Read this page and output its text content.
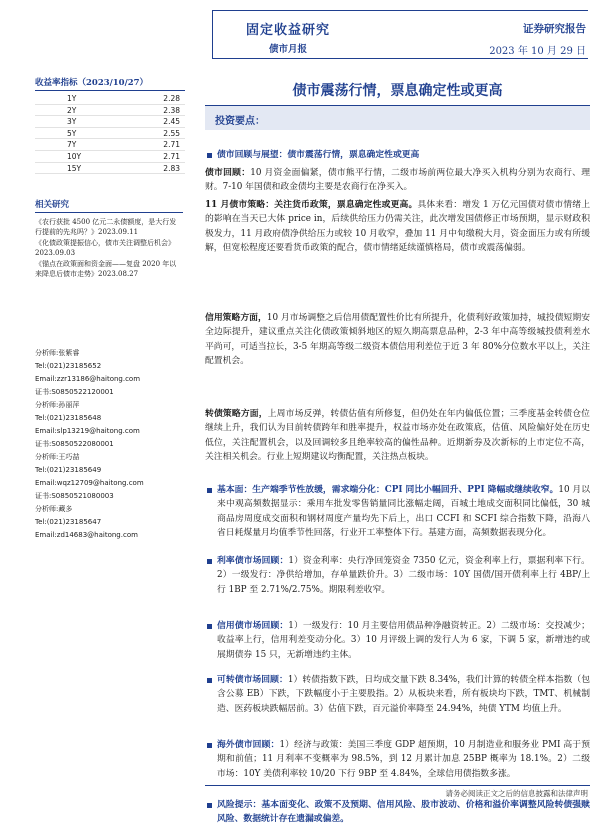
固定收益研究
债市月报
证券研究报告
2023 年 10 月 29 日
收益率指标（2023/10/27）
1Y	2.28
2Y	2.38
3Y	2.45
5Y	2.55
7Y	2.71
10Y	2.71
15Y	2.83
相关研究
《农行获批 4500 亿元二永债额度，是大行发行提前的先兆吗？》2023.09.11
《化债政策提振信心，债市关注调整后机会》2023.09.03
《锚点在政策面和资金面——复盘 2020 年以来降息后债市走势》2023.08.27
分析师:张紫睿
Tel:(021)23185652
Email:zzr13186@haitong.com
证书:S0850522120001
分析师:孙丽萍
Tel:(021)23185648
Email:slp13219@haitong.com
证书:S0850522080001
分析师:王巧喆
Tel:(021)23185649
Email:wqz12709@haitong.com
证书:S0850521080003
分析师:藏多
Tel:(021)23185647
Email:zd14683@haitong.com
债市震荡行情，票息确定性或更高
投资要点：
债市回顾与展望：债市震荡行情，票息确定性或更高
债市回顾：10 月资金面偏紧，债市熊平行情，二级市场前两位最大净买入机构分别为农商行、理财。7-10 年国债和政金债均主要是农商行在净买入。
11 月债市策略：关注货币政策，票息确定性或更高。具体来看：增发 1 万亿元国债对债市情绪上的影响在当天已大体 price in，后续供给压力仍需关注，此次增发国债修正市场预期，显示财政积极发力，11 月政府债净供给压力或较 10 月收窄，叠加 11 月中旬缴税大月，资金面压力或有所缓解，但宽松程度还要看货币政策的配合，债市情绪延续谨慎格局，债市或震荡偏弱。
信用策略方面，10 月市场调整之后信用债配置性价比有所提升，化债利好政策加持，城投债短期安全边际提升，建议重点关注化债政策倾斜地区的短久期高票息品种，2-3 年中高等级城投债利差水平尚可，可适当拉长，3-5 年期高等级二级资本债信用利差位于近 3 年 80%分位数水平以上，关注配置机会。
转债策略方面，上周市场反弹，转债估值有所修复，但仍处在年内偏低位置；三季度基金转债仓位继续上升，我们认为目前转债跨年和胜率提升，权益市场亦处在政策底，估值、风险偏好处在历史低位，关注配置机会，以及回调较多且绝率较高的偏性品种。近期新券及次新标的上市定位不高，关注相关机会。行业上短期建议均衡配置，关注热点板块。
基本面：生产端季节性放缓，需求端分化：CPI 同比小幅回升、PPI 降幅或继续收窄。10 月以来中观高频数据显示：乘用车批发零售销量同比涨幅走阔，百城土地成交面积同比偏低，30 城商品房周度成交面积和钢材周度产量均先下后上，出口 CCFI 和 SCFI 综合指数下降，沿海八省日耗煤量月均值季节性回落，行业开工率整体下行。基建方面，高频数据表现分化。
利率债市场回顾：1）资金利率：央行净回笼资金 7350 亿元，资金利率上行，票据利率下行。2）一级发行：净供给增加，存单量跌价升。3）二级市场：10Y 国债/国开债利率上行 4BP/上行 1BP 至 2.71%/2.75%。期限利差收窄。
信用债市场回顾：1）一级发行：10 月主要信用债品种净融资转正。2）二级市场：交投减少；收益率上行，信用利差变动分化。3）10 月评级上调的发行人为 6 家，下调 5 家，新增违约或展期债券 15 只，无新增违约主体。
可转债市场回顾：1）转债指数下跌，日均成交量下跌 8.34%，我们计算的转债全样本指数（包含公募 EB）下跌，下跌幅度小于主要股指。2）从板块来看，所有板块均下跌，TMT、机械制造、医药板块跌幅居前。3）估值下跌，百元溢价率降至 24.94%，纯债 YTM 均值上升。
海外债市回顾：1）经济与政策：美国三季度 GDP 超预期，10 月制造业和服务业 PMI 高于预期和前值；11 月利率不变概率为 98.5%，到 12 月累计加息 25BP 概率为 18.1%。2）二级市场：10Y 美债利率较 10/20 下行 9BP 至 4.84%，全球信用债指数多涨。
风险提示：基本面变化、政策不及预期、信用风险、股市波动、价格和溢价率调整风险转债强赎风险、数据统计存在遗漏或偏差。
请务必阅读正文之后的信息披露和法律声明
